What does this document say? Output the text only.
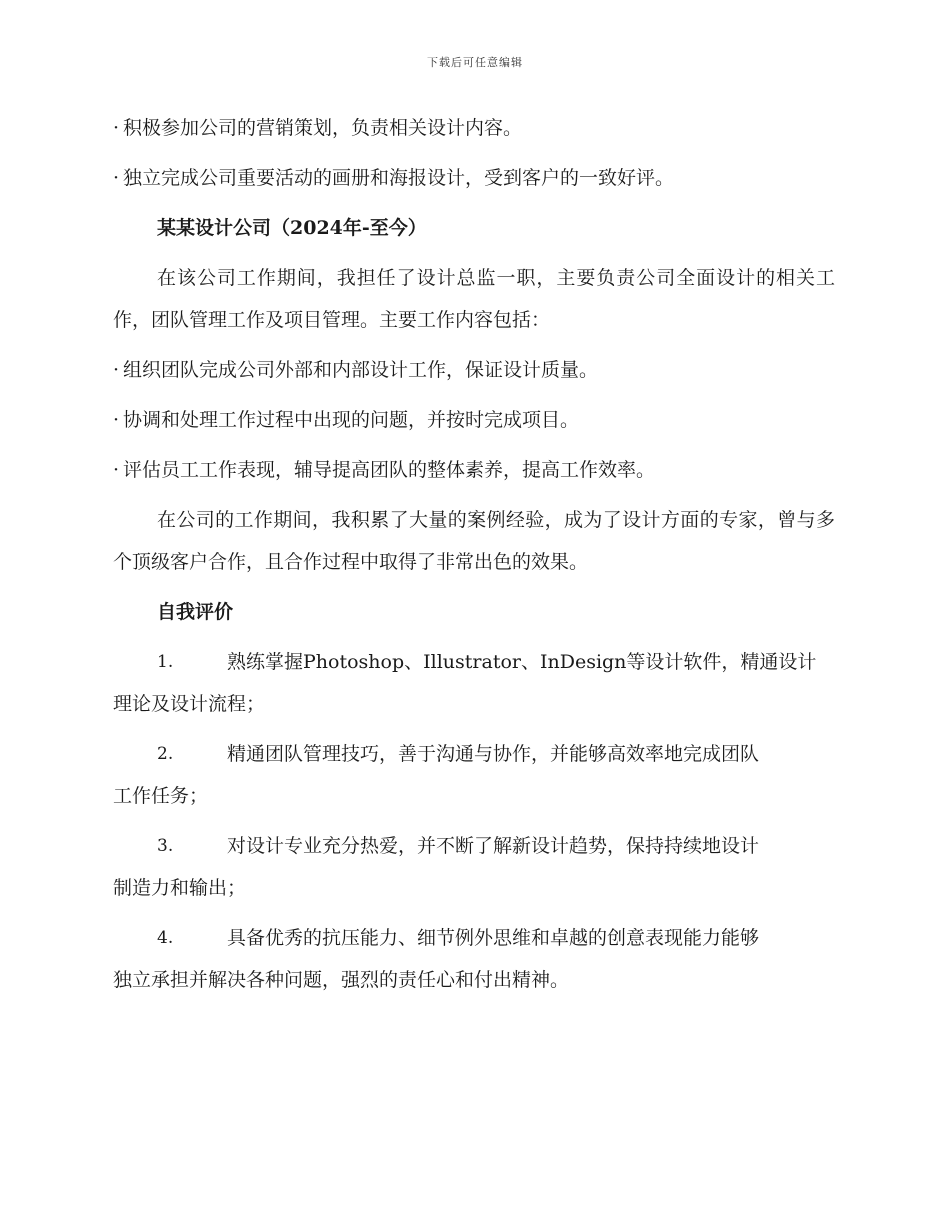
下载后可任意编辑

· 积极参加公司的营销策划，负责相关设计内容。

· 独立完成公司重要活动的画册和海报设计，受到客户的一致好评。

某某设计公司（2024年-至今）

在该公司工作期间，我担任了设计总监一职，主要负责公司全面设计的相关工作，团队管理工作及项目管理。主要工作内容包括：

· 组织团队完成公司外部和内部设计工作，保证设计质量。

· 协调和处理工作过程中出现的问题，并按时完成项目。

· 评估员工工作表现，辅导提高团队的整体素养，提高工作效率。

在公司的工作期间，我积累了大量的案例经验，成为了设计方面的专家，曾与多个顶级客户合作，且合作过程中取得了非常出色的效果。

自我评价

1.	熟练掌握Photoshop、Illustrator、InDesign等设计软件，精通设计
理论及设计流程；
2.	精通团队管理技巧，善于沟通与协作，并能够高效率地完成团队
工作任务；
3.	对设计专业充分热爱，并不断了解新设计趋势，保持持续地设计
制造力和输出；
4.	具备优秀的抗压能力、细节例外思维和卓越的创意表现能力能够
独立承担并解决各种问题，强烈的责任心和付出精神。
